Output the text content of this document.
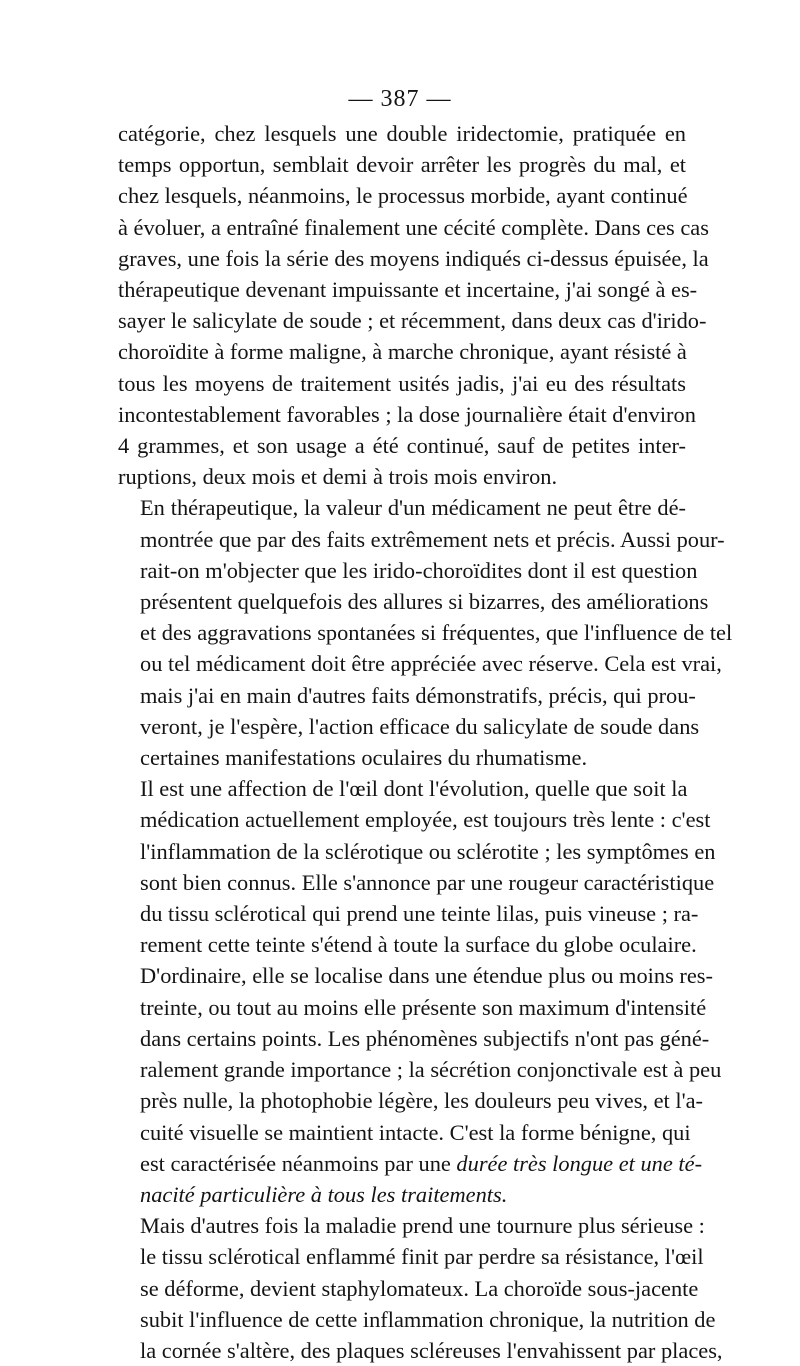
— 387 —

catégorie, chez lesquels une double iridectomie, pratiquée en
temps opportun, semblait devoir arrêter les progrès du mal, et
chez lesquels, néanmoins, le processus morbide, ayant continué
à évoluer, a entraîné finalement une cécité complète. Dans ces cas
graves, une fois la série des moyens indiqués ci-dessus épuisée, la
thérapeutique devenant impuissante et incertaine, j'ai songé à es-
sayer le salicylate de soude ; et récemment, dans deux cas d'irido-
choroïdite à forme maligne, à marche chronique, ayant résisté à
tous les moyens de traitement usités jadis, j'ai eu des résultats
incontestablement favorables ; la dose journalière était d'environ
4 grammes, et son usage a été continué, sauf de petites inter-
ruptions, deux mois et demi à trois mois environ.

En thérapeutique, la valeur d'un médicament ne peut être dé-
montrée que par des faits extrêmement nets et précis. Aussi pour-
rait-on m'objecter que les irido-choroïdites dont il est question
présentent quelquefois des allures si bizarres, des améliorations
et des aggravations spontanées si fréquentes, que l'influence de tel
ou tel médicament doit être appréciée avec réserve. Cela est vrai,
mais j'ai en main d'autres faits démonstratifs, précis, qui prou-
veront, je l'espère, l'action efficace du salicylate de soude dans
certaines manifestations oculaires du rhumatisme.

Il est une affection de l'œil dont l'évolution, quelle que soit la
médication actuellement employée, est toujours très lente : c'est
l'inflammation de la sclérotique ou sclérotite ; les symptômes en
sont bien connus. Elle s'annonce par une rougeur caractéristique
du tissu sclérotical qui prend une teinte lilas, puis vineuse ; ra-
rement cette teinte s'étend à toute la surface du globe oculaire.
D'ordinaire, elle se localise dans une étendue plus ou moins res-
treinte, ou tout au moins elle présente son maximum d'intensité
dans certains points. Les phénomènes subjectifs n'ont pas géné-
ralement grande importance ; la sécrétion conjonctivale est à peu
près nulle, la photophobie légère, les douleurs peu vives, et l'a-
cuité visuelle se maintient intacte. C'est la forme bénigne, qui
est caractérisée néanmoins par une durée très longue et une té-
nacité particulière à tous les traitements.

Mais d'autres fois la maladie prend une tournure plus sérieuse :
le tissu sclérotical enflammé finit par perdre sa résistance, l'œil
se déforme, devient staphylomateux. La choroïde sous-jacente
subit l'influence de cette inflammation chronique, la nutrition de
la cornée s'altère, des plaques scléreuses l'envahissent par places,
